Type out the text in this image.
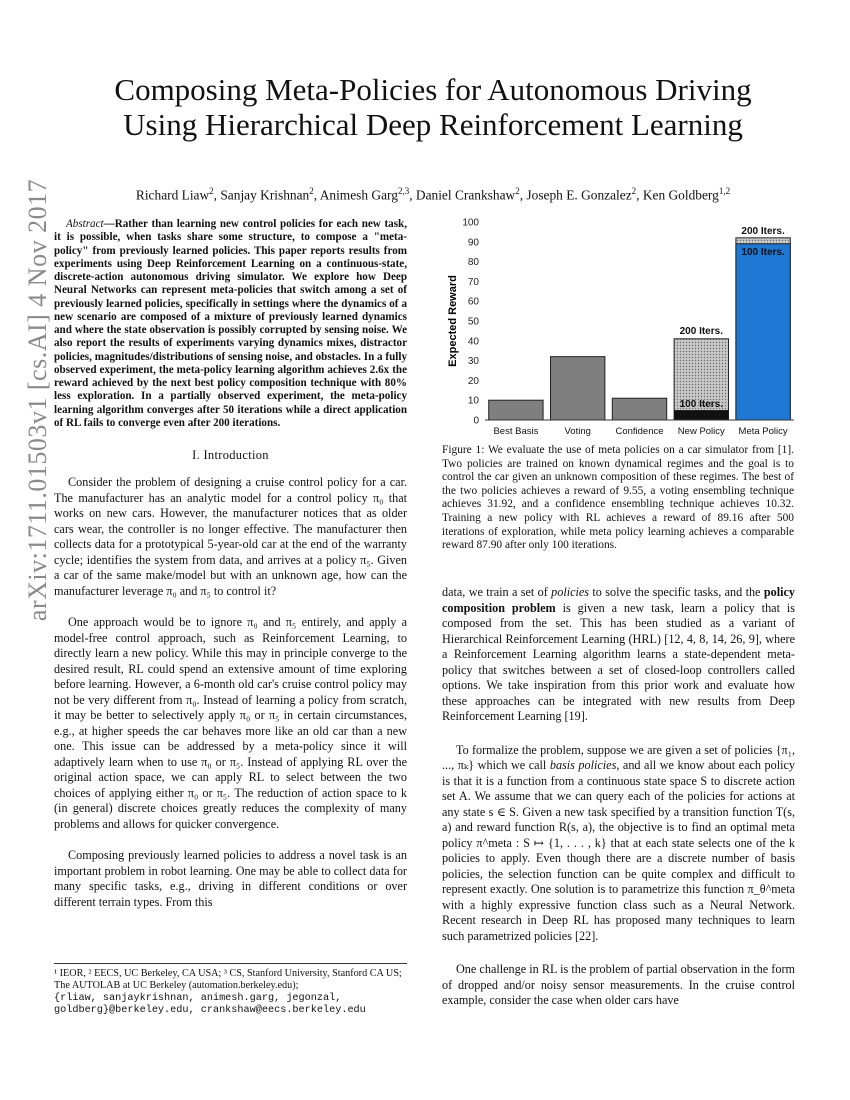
arXiv:1711.01503v1 [cs.AI] 4 Nov 2017
Composing Meta-Policies for Autonomous Driving
Using Hierarchical Deep Reinforcement Learning

Richard Liaw$^2$, Sanjay Krishnan$^2$, Animesh Garg$^{2,3}$, Daniel Crankshaw$^2$, Joseph E. Gonzalez$^2$, Ken Goldberg$^{1,2}$

Abstract—Rather than learning new control policies for each new task, it is possible, when tasks share some structure, to compose a "meta-policy" from previously learned policies. This paper reports results from experiments using Deep Reinforcement Learning on a continuous-state, discrete-action autonomous driving simulator. We explore how Deep Neural Networks can represent meta-policies that switch among a set of previously learned policies, specifically in settings where the dynamics of a new scenario are composed of a mixture of previously learned dynamics and where the state observation is possibly corrupted by sensing noise. We also report the results of experiments varying dynamics mixes, distractor policies, magnitudes/distributions of sensing noise, and obstacles. In a fully observed experiment, the meta-policy learning algorithm achieves 2.6x the reward achieved by the next best policy composition technique with 80% less exploration. In a partially observed experiment, the meta-policy learning algorithm converges after 50 iterations while a direct application of RL fails to converge even after 200 iterations.

I. Introduction

Consider the problem of designing a cruise control policy for a car. The manufacturer has an analytic model for a control policy π₀ that works on new cars. However, the manufacturer notices that as older cars wear, the controller is no longer effective. The manufacturer then collects data for a prototypical 5-year-old car at the end of the warranty cycle; identifies the system from data, and arrives at a policy π₅. Given a car of the same make/model but with an unknown age, how can the manufacturer leverage π₀ and π₅ to control it?

One approach would be to ignore π₀ and π₅ entirely, and apply a model-free control approach, such as Reinforcement Learning, to directly learn a new policy. While this may in principle converge to the desired result, RL could spend an extensive amount of time exploring before learning. However, a 6-month old car's cruise control policy may not be very different from π₀. Instead of learning a policy from scratch, it may be better to selectively apply π₀ or π₅ in certain circumstances, e.g., at higher speeds the car behaves more like an old car than a new one. This issue can be addressed by a meta-policy since it will adaptively learn when to use π₀ or π₅. Instead of applying RL over the original action space, we can apply RL to select between the two choices of applying either π₀ or π₅. The reduction of action space to k (in general) discrete choices greatly reduces the complexity of many problems and allows for quicker convergence.

Composing previously learned policies to address a novel task is an important problem in robot learning. One may be able to collect data for many specific tasks, e.g., driving in different conditions or over different terrain types. From this

¹ IEOR, ² EECS, UC Berkeley, CA USA; ³ CS, Stanford University, Stanford CA US; The AUTOLAB at UC Berkeley (automation.berkeley.edu);
{rliaw, sanjaykrishnan, animesh.garg, jegonzal, goldberg}@berkeley.edu, crankshaw@eecs.berkeley.edu
Expected Reward
0
10
20
30
40
50
60
70
80
90
100
100 Iters.
200 Iters.
100 Iters.
200 Iters.
Best Basis	Voting	Confidence New Policy Meta Policy

Figure 1: We evaluate the use of meta policies on a car simulator from [1]. Two policies are trained on known dynamical regimes and the goal is to control the car given an unknown composition of these regimes. The best of the two policies achieves a reward of 9.55, a voting ensembling technique achieves 31.92, and a confidence ensembling technique achieves 10.32. Training a new policy with RL achieves a reward of 89.16 after 500 iterations of exploration, while meta policy learning achieves a comparable reward 87.90 after only 100 iterations.

data, we train a set of policies to solve the specific tasks, and the policy composition problem is given a new task, learn a policy that is composed from the set. This has been studied as a variant of Hierarchical Reinforcement Learning (HRL) [12, 4, 8, 14, 26, 9], where a Reinforcement Learning algorithm learns a state-dependent meta-policy that switches between a set of closed-loop controllers called options. We take inspiration from this prior work and evaluate how these approaches can be integrated with new results from Deep Reinforcement Learning [19].

To formalize the problem, suppose we are given a set of policies {π₁, ..., πₖ} which we call basis policies, and all we know about each policy is that it is a function from a continuous state space S to discrete action set A. We assume that we can query each of the policies for actions at any state s ∈ S. Given a new task specified by a transition function T(s, a) and reward function R(s, a), the objective is to find an optimal meta policy π^meta : S ↦ {1, . . . , k} that at each state selects one of the k policies to apply. Even though there are a discrete number of basis policies, the selection function can be quite complex and difficult to represent exactly. One solution is to parametrize this function π_θ^meta with a highly expressive function class such as a Neural Network. Recent research in Deep RL has proposed many techniques to learn such parametrized policies [22].

One challenge in RL is the problem of partial observation in the form of dropped and/or noisy sensor measurements. In the cruise control example, consider the case when older cars have
